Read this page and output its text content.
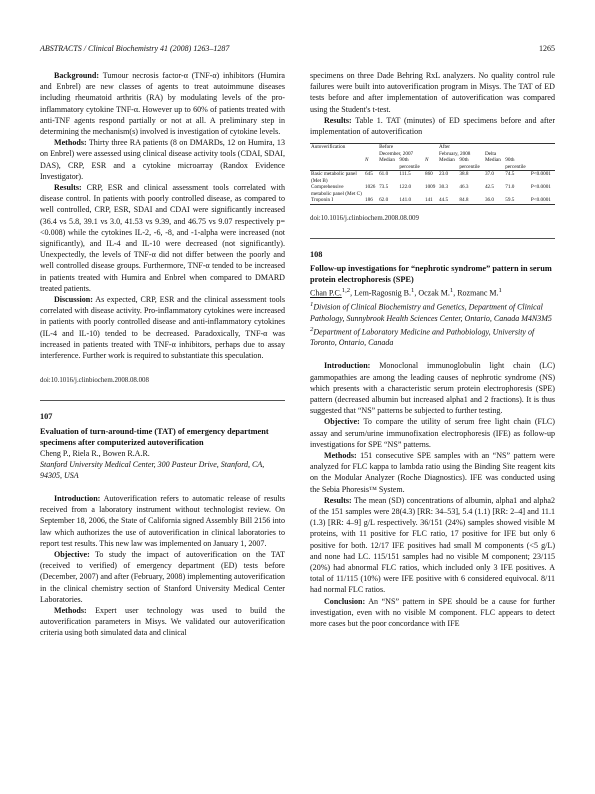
ABSTRACTS / Clinical Biochemistry 41 (2008) 1263–1287	1265

Background: Tumour necrosis factor-α (TNF-α) inhibitors (Humira and Enbrel) are new classes of agents to treat autoimmune diseases including rheumatoid arthritis (RA) by modulating levels of the pro-inflammatory cytokine TNF-α. However up to 60% of patients treated with anti-TNF agents respond partially or not at all. A preliminary step in determining the mechanism(s) involved is investigation of cytokine levels.

Methods: Thirty three RA patients (8 on DMARDs, 12 on Humira, 13 on Enbrel) were assessed using clinical disease activity tools (CDAI, SDAI, DAS), CRP, ESR and a cytokine microarray (Randox Evidence Investigator).

Results: CRP, ESR and clinical assessment tools correlated with disease control. In patients with poorly controlled disease, as compared to well controlled, CRP, ESR, SDAI and CDAI were significantly increased (36.4 vs 5.8, 39.1 vs 3.0, 41.53 vs 9.39, and 46.75 vs 9.07 respectively p=<0.008) while the cytokines IL-2, -6, -8, and -1-alpha were increased (not significantly), and IL-4 and IL-10 were decreased (not significantly). Unexpectedly, the levels of TNF-α did not differ between the poorly and well controlled disease groups. Furthermore, TNF-α tended to be increased in patients treated with Humira and Enbrel when compared to DMARD treated patients.

Discussion: As expected, CRP, ESR and the clinical assessment tools correlated with disease activity. Pro-inflammatory cytokines were increased in patients with poorly controlled disease and anti-inflammatory cytokines (IL-4 and IL-10) tended to be decreased. Paradoxically, TNF-α was increased in patients treated with TNF-α inhibitors, perhaps due to assay interference. Further work is required to substantiate this speculation.

doi:10.1016/j.clinbiochem.2008.08.008
107
Evaluation of turn-around-time (TAT) of emergency department specimens after computerized autoverification
Cheng P., Riela R., Bowen R.A.R.
Stanford University Medical Center, 300 Pasteur Drive, Stanford, CA, 94305, USA

Introduction: Autoverification refers to automatic release of results received from a laboratory instrument without technologist review. On September 18, 2006, the State of California signed Assembly Bill 2156 into law which authorizes the use of autoverification in clinical laboratories to report test results. This new law was implemented on January 1, 2007.

Objective: To study the impact of autoverification on the TAT (received to verified) of emergency department (ED) tests before (December, 2007) and after (February, 2008) implementing autoverification in the clinical chemistry section of Stanford University Medical Center Laboratories.

Methods: Expert user technology was used to build the autoverification parameters in Misys. We validated our autoverification criteria using both simulated data and clinical

specimens on three Dade Behring RxL analyzers. No quality control rule failures were built into autoverification program in Misys. The TAT of ED tests before and after implementation of autoverification was compared using the Student's t-test.

Results: Table 1. TAT (minutes) of ED specimens before and after implementation of autoverification

Autoverification		Before			After				
		December, 2007			February, 2008		Delta		
	N	Median	90th	N	Median	90th	Median	90th	
			percentile			percentile		percentile	
Basic metabolic panel (Met B)	645	61.0	111.5	860	23.0	38.8	37.0	74.5	P<0.0001
Comprehensive metabolic panel (Met C)	1026	73.5	122.0	1009	30.3	46.3	42.5	71.0	P<0.0001
Troponin I	186	62.0	141.0	141	44.5	84.8	36.0	59.5	P<0.0001
doi:10.1016/j.clinbiochem.2008.08.009
108
Follow-up investigations for “nephrotic syndrome” pattern in serum protein electrophoresis (SPE)
Chan P.C.$^{1,2}$, Lem-Ragosnig B.$^1$, Oczak M.$^1$, Rozmanc M.$^1$
$^1$Division of Clinical Biochemistry and Genetics, Department of Clinical Pathology, Sunnybrook Health Sciences Center, Ontario, Canada M4N3M5
$^2$Department of Laboratory Medicine and Pathobiology, University of Toronto, Ontario, Canada

Introduction: Monoclonal immunoglobulin light chain (LC) gammopathies are among the leading causes of nephrotic syndrome (NS) which presents with a characteristic serum protein electrophoresis (SPE) pattern (decreased albumin but increased alpha1 and 2 fractions). It is thus suggested that “NS” patterns be subjected to further testing.

Objective: To compare the utility of serum free light chain (FLC) assay and serum/urine immunofixation electrophoresis (IFE) as follow-up investigations for SPE “NS” patterns.

Methods: 151 consecutive SPE samples with an “NS” pattern were analyzed for FLC kappa to lambda ratio using the Binding Site reagent kits on the Modular Analyzer (Roche Diagnostics). IFE was conducted using the Sebia Phoresis™ System.

Results: The mean (SD) concentrations of albumin, alpha1 and alpha2 of the 151 samples were 28(4.3) [RR: 34–53], 5.4 (1.1) [RR: 2–4] and 11.1 (1.3) [RR: 4–9] g/L respectively. 36/151 (24%) samples showed visible M proteins, with 11 positive for FLC ratio, 17 positive for IFE but only 6 positive for both. 12/17 IFE positives had small M components (<5 g/L) and none had LC. 115/151 samples had no visible M component; 23/115 (20%) had abnormal FLC ratios, which included only 3 IFE positives. A total of 11/115 (10%) were IFE positive with 6 considered equivocal. 8/11 had normal FLC ratios.

Conclusion: An “NS” pattern in SPE should be a cause for further investigation, even with no visible M component. FLC appears to detect more cases but the poor concordance with IFE
